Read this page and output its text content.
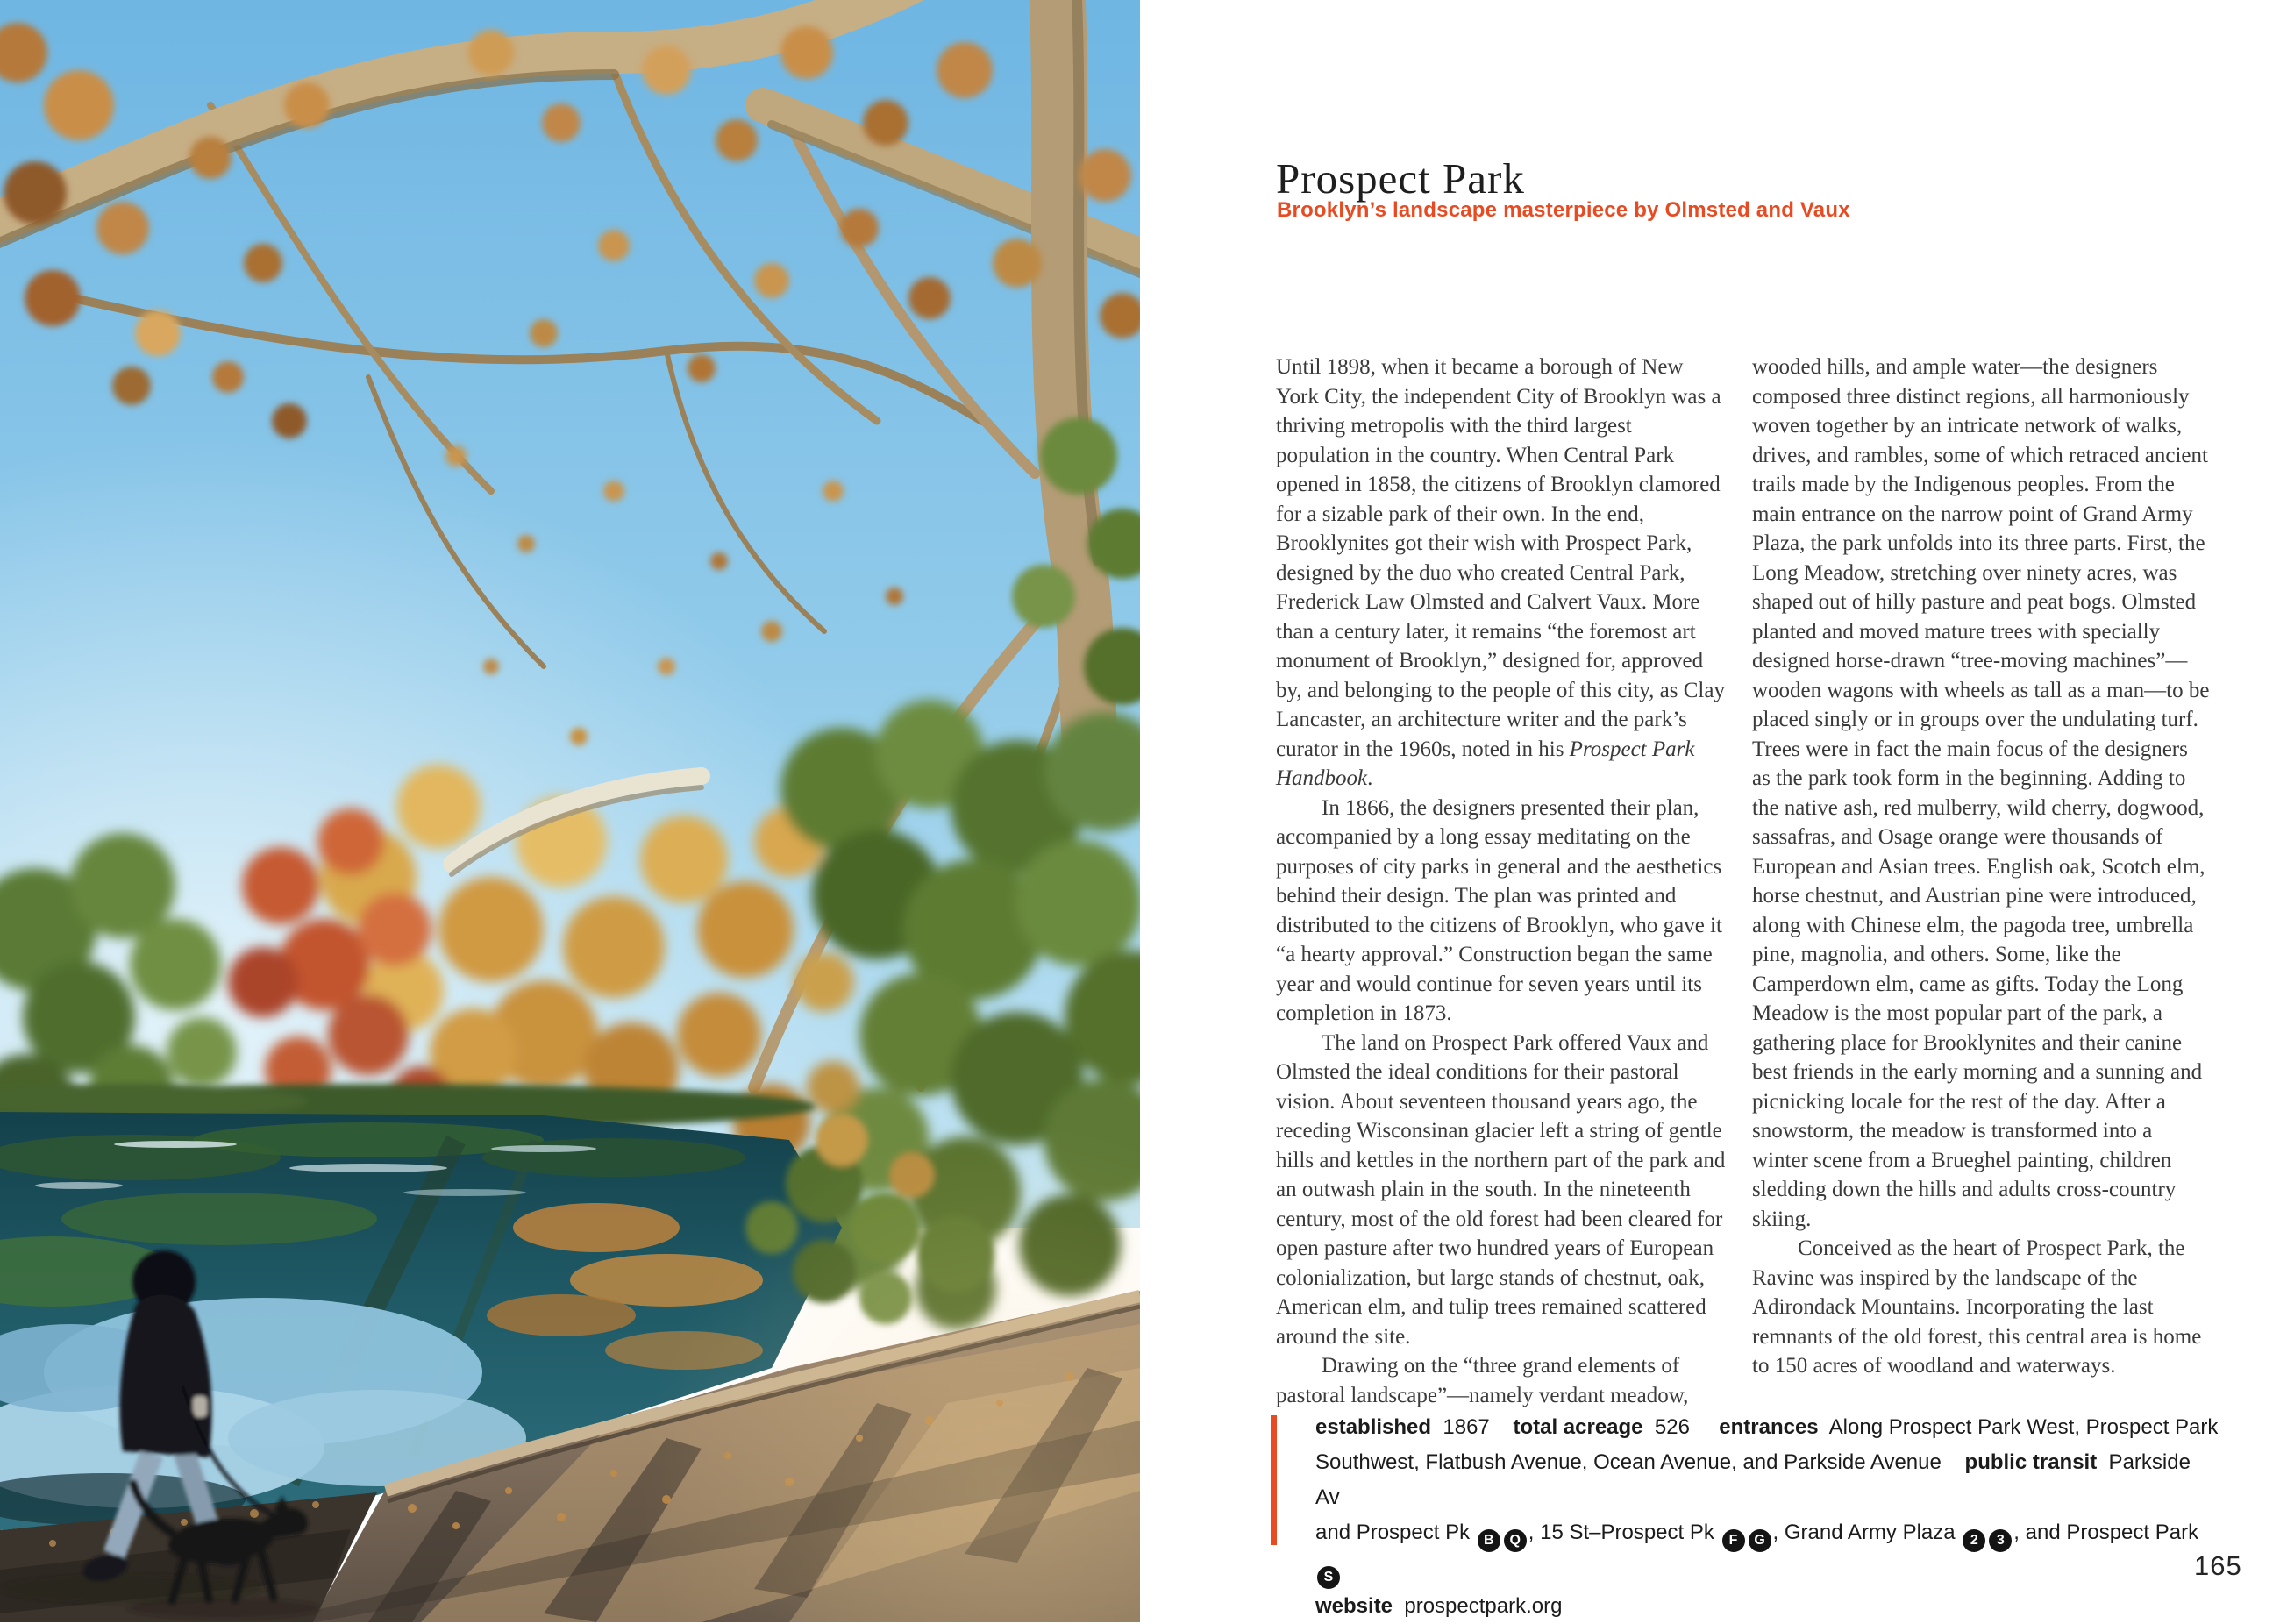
Prospect Park
Brooklyn’s landscape masterpiece by Olmsted and Vaux

Until 1898, when it became a borough of New York City, the independent City of Brooklyn was a thriving metropolis with the third largest population in the country. When Central Park opened in 1858, the citizens of Brooklyn clamored for a sizable park of their own. In the end, Brooklynites got their wish with Prospect Park, designed by the duo who created Central Park, Frederick Law Olmsted and Calvert Vaux. More than a century later, it remains “the foremost art monument of Brooklyn,” designed for, approved by, and belonging to the people of this city, as Clay Lancaster, an architecture writer and the park’s curator in the 1960s, noted in his Prospect Park Handbook.

In 1866, the designers presented their plan, accompanied by a long essay meditating on the purposes of city parks in general and the aesthetics behind their design. The plan was printed and distributed to the citizens of Brooklyn, who gave it “a hearty approval.” Construction began the same year and would continue for seven years until its completion in 1873.

The land on Prospect Park offered Vaux and Olmsted the ideal conditions for their pastoral vision. About seventeen thousand years ago, the receding Wisconsinan glacier left a string of gentle hills and kettles in the northern part of the park and an outwash plain in the south. In the nineteenth century, most of the old forest had been cleared for open pasture after two hundred years of European colonialization, but large stands of chestnut, oak, American elm, and tulip trees remained scattered around the site.

Drawing on the “three grand elements of pastoral landscape”—namely verdant meadow,

wooded hills, and ample water—the designers composed three distinct regions, all harmoniously woven together by an intricate network of walks, drives, and rambles, some of which retraced ancient trails made by the Indigenous peoples. From the main entrance on the narrow point of Grand Army Plaza, the park unfolds into its three parts. First, the Long Meadow, stretching over ninety acres, was shaped out of hilly pasture and peat bogs. Olmsted planted and moved mature trees with specially designed horse-drawn “tree-moving machines”—wooden wagons with wheels as tall as a man—to be placed singly or in groups over the undulating turf. Trees were in fact the main focus of the designers as the park took form in the beginning. Adding to the native ash, red mulberry, wild cherry, dogwood, sassafras, and Osage orange were thousands of European and Asian trees. English oak, Scotch elm, horse chestnut, and Austrian pine were introduced, along with Chinese elm, the pagoda tree, umbrella pine, magnolia, and others. Some, like the Camperdown elm, came as gifts. Today the Long Meadow is the most popular part of the park, a gathering place for Brooklynites and their canine best friends in the early morning and a sunning and picnicking locale for the rest of the day. After a snowstorm, the meadow is transformed into a winter scene from a Brueghel painting, children sledding down the hills and adults cross-country skiing.

Conceived as the heart of Prospect Park, the Ravine was inspired by the landscape of the Adirondack Mountains. Incorporating the last remnants of the old forest, this central area is home to 150 acres of woodland and waterways.

established  1867    total acreage  526     entrances  Along Prospect Park West, Prospect Park
Southwest, Flatbush Avenue, Ocean Avenue, and Parkside Avenue    public transit  Parkside Av
and Prospect Pk B Q , 15 St–Prospect Pk F G , Grand Army Plaza 2 3 , and Prospect Park S
website  prospectpark.org
165
